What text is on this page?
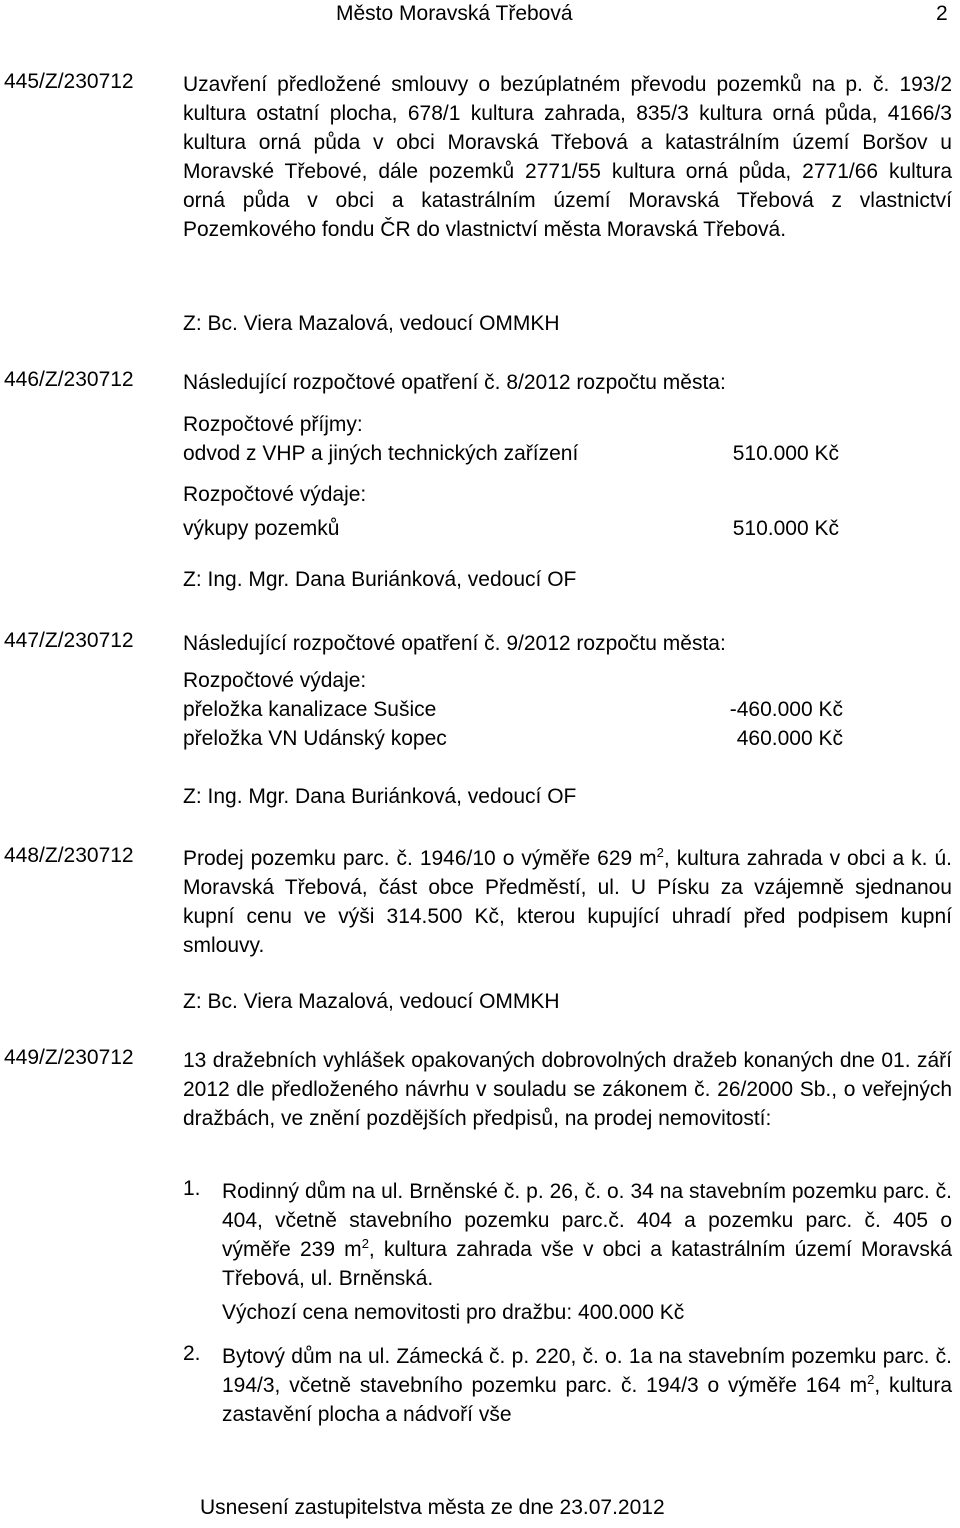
Město Moravská Třebová	2
445/Z/230712 Uzavření předložené smlouvy o bezúplatném převodu pozemků na p. č. 193/2 kultura ostatní plocha, 678/1 kultura zahrada, 835/3 kultura orná půda, 4166/3 kultura orná půda v obci Moravská Třebová a katastrálním území Boršov u Moravské Třebové, dále pozemků 2771/55 kultura orná půda, 2771/66 kultura orná půda v obci a katastrálním území Moravská Třebová z vlastnictví Pozemkového fondu ČR do vlastnictví města Moravská Třebová.
Z: Bc. Viera Mazalová, vedoucí OMMKH
446/Z/230712 Následující rozpočtové opatření č. 8/2012 rozpočtu města:
Rozpočtové příjmy:
odvod z VHP a jiných technických zařízení	510.000 Kč
Rozpočtové výdaje:
výkupy pozemků	510.000 Kč
Z: Ing. Mgr. Dana Buriánková, vedoucí OF
447/Z/230712 Následující rozpočtové opatření č. 9/2012 rozpočtu města:
Rozpočtové výdaje:
přeložka kanalizace Sušice	-460.000 Kč
přeložka VN Udánský kopec	460.000 Kč
Z: Ing. Mgr. Dana Buriánková, vedoucí OF
448/Z/230712 Prodej pozemku parc. č. 1946/10 o výměře 629 $m^2$, kultura zahrada v obci a k. ú. Moravská Třebová, část obce Předměstí, ul. U Písku za vzájemně sjednanou kupní cenu ve výši 314.500 Kč, kterou kupující uhradí před podpisem kupní smlouvy.
Z: Bc. Viera Mazalová, vedoucí OMMKH
449/Z/230712 13 dražebních vyhlášek opakovaných dobrovolných dražeb konaných dne 01. září 2012 dle předloženého návrhu v souladu se zákonem č. 26/2000 Sb., o veřejných dražbách, ve znění pozdějších předpisů, na prodej nemovitostí:
1. Rodinný dům na ul. Brněnské č. p. 26, č. o. 34 na stavebním pozemku parc. č. 404, včetně stavebního pozemku parc.č. 404 a pozemku parc. č. 405 o výměře 239 $m^2$, kultura zahrada vše v obci a katastrálním území Moravská Třebová, ul. Brněnská.
Výchozí cena nemovitosti pro dražbu: 400.000 Kč
2. Bytový dům na ul. Zámecká č. p. 220, č. o. 1a na stavebním pozemku parc. č. 194/3, včetně stavebního pozemku parc. č. 194/3 o výměře 164 $m^2$, kultura zastavění plocha a nádvoří vše
Usnesení zastupitelstva města ze dne 23.07.2012
